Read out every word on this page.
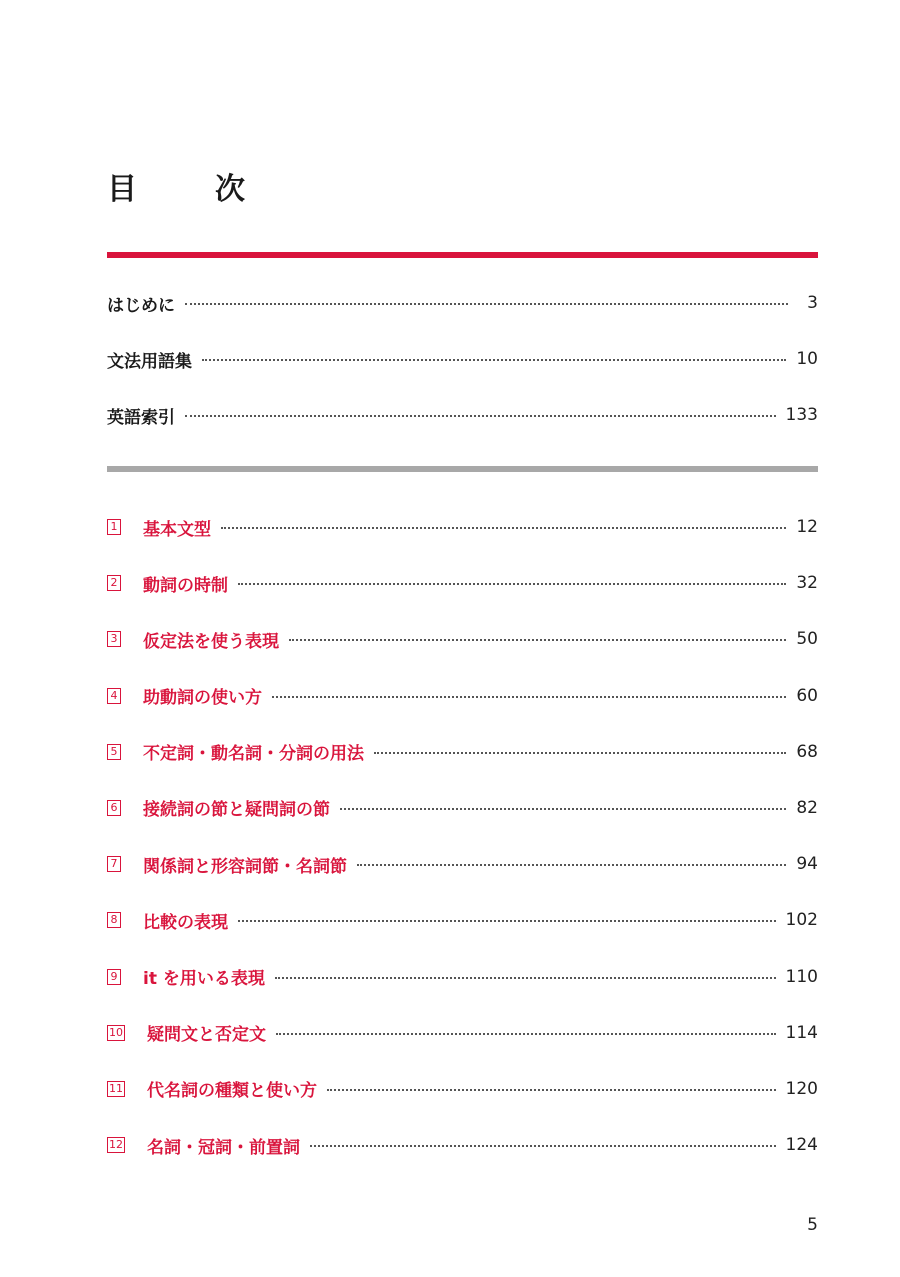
目　次
はじめに	3
文法用語集	10
英語索引	133
1 基本文型	12
2 動詞の時制	32
3 仮定法を使う表現	50
4 助動詞の使い方	60
5 不定詞・動名詞・分詞の用法	68
6 接続詞の節と疑問詞の節	82
7 関係詞と形容詞節・名詞節	94
8 比較の表現	102
9 it を用いる表現	110
10 疑問文と否定文	114
11 代名詞の種類と使い方	120
12 名詞・冠詞・前置詞	124
5
